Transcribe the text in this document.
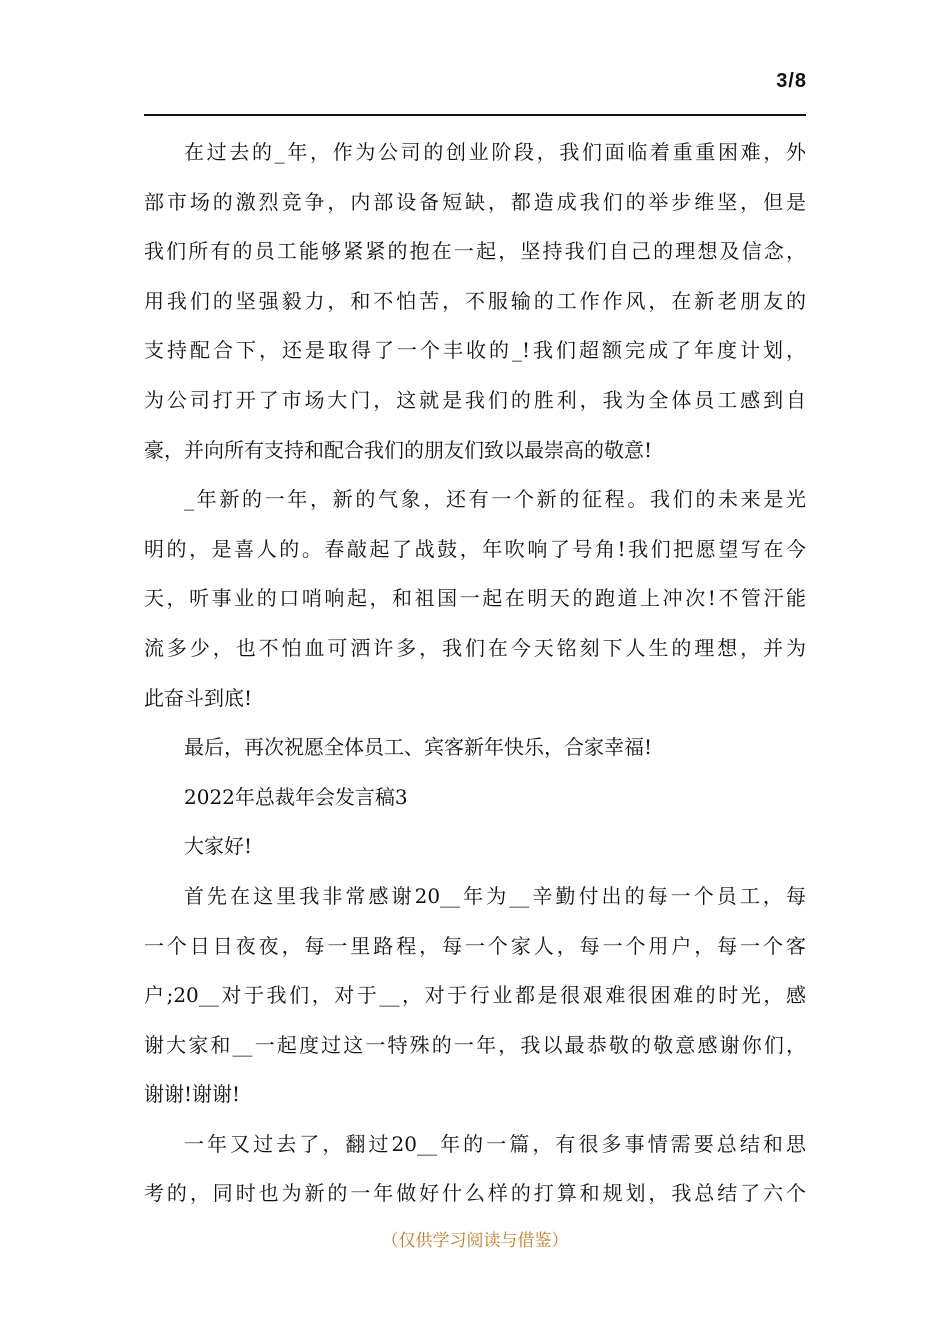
3/8

在过去的_年，作为公司的创业阶段，我们面临着重重困难，外
部市场的激烈竞争，内部设备短缺，都造成我们的举步维坚，但是
我们所有的员工能够紧紧的抱在一起，坚持我们自己的理想及信念，
用我们的坚强毅力，和不怕苦，不服输的工作作风，在新老朋友的
支持配合下，还是取得了一个丰收的_!我们超额完成了年度计划，
为公司打开了市场大门，这就是我们的胜利，我为全体员工感到自
豪，并向所有支持和配合我们的朋友们致以最崇高的敬意!

_年新的一年，新的气象，还有一个新的征程。我们的未来是光
明的，是喜人的。春敲起了战鼓，年吹响了号角!我们把愿望写在今
天，听事业的口哨响起，和祖国一起在明天的跑道上冲次!不管汗能
流多少，也不怕血可洒许多，我们在今天铭刻下人生的理想，并为
此奋斗到底!

最后，再次祝愿全体员工、宾客新年快乐，合家幸福!

2022年总裁年会发言稿3

大家好!

首先在这里我非常感谢20__年为__辛勤付出的每一个员工，每
一个日日夜夜，每一里路程，每一个家人，每一个用户，每一个客
户;20__对于我们，对于__，对于行业都是很艰难很困难的时光，感
谢大家和__一起度过这一特殊的一年，我以最恭敬的敬意感谢你们，
谢谢!谢谢!

一年又过去了，翻过20__年的一篇，有很多事情需要总结和思
考的，同时也为新的一年做好什么样的打算和规划，我总结了六个

（仅供学习阅读与借鉴）
